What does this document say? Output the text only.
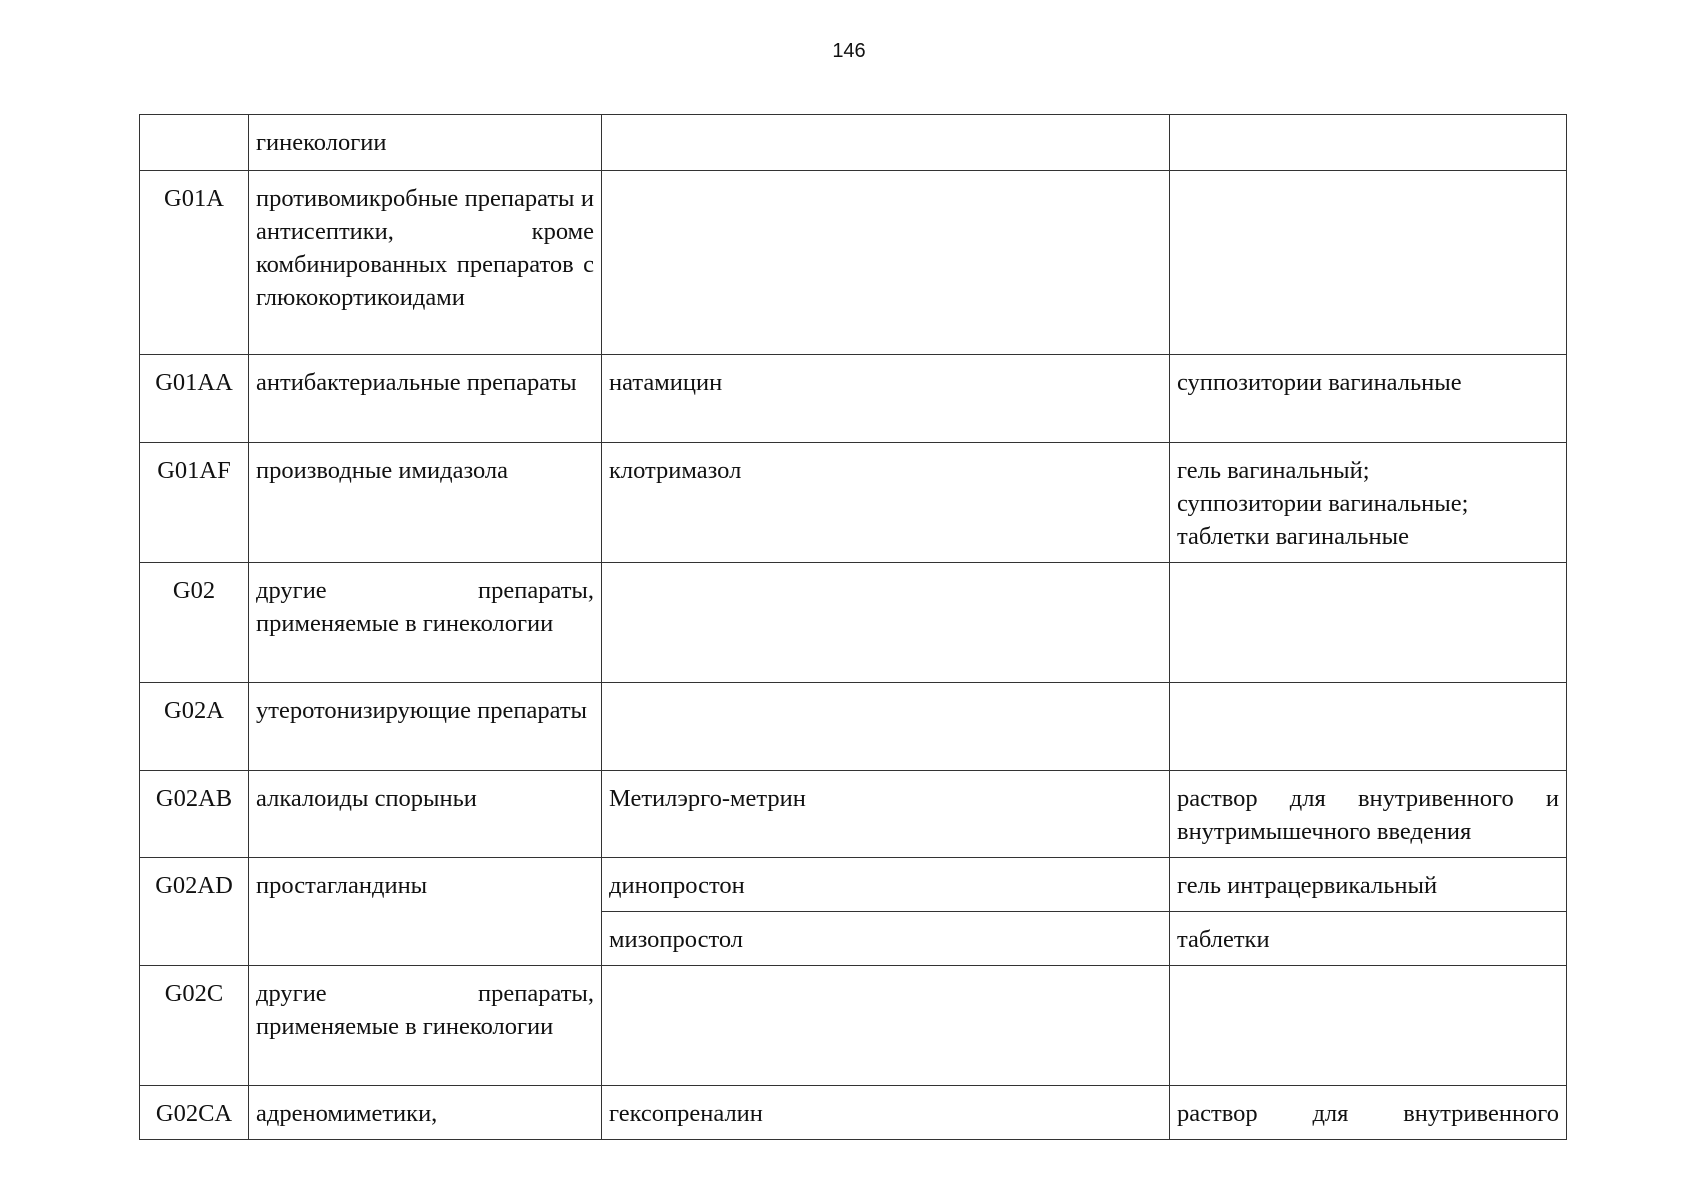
146
	гинекологии		
G01A	противомикробные препараты и антисептики, кроме комбинированных препаратов с глюкокортикоидами		
G01AA	антибактериальные препараты	натамицин	суппозитории вагинальные
G01AF	производные имидазола	клотримазол	гель вагинальный;
суппозитории вагинальные;
таблетки вагинальные

G02	другие препараты, применяемые в гинекологии		
G02A	утеротонизирующие препараты		
G02AB	алкалоиды спорыньи	Метилэрго-метрин	раствор для внутривенного и внутримышечного введения
G02AD	простагландины	динопростон	гель интрацервикальный
		мизопростол	таблетки
G02C	другие препараты, применяемые в гинекологии		
G02CA	адреномиметики,	гексопреналин	раствор для внутривенного
